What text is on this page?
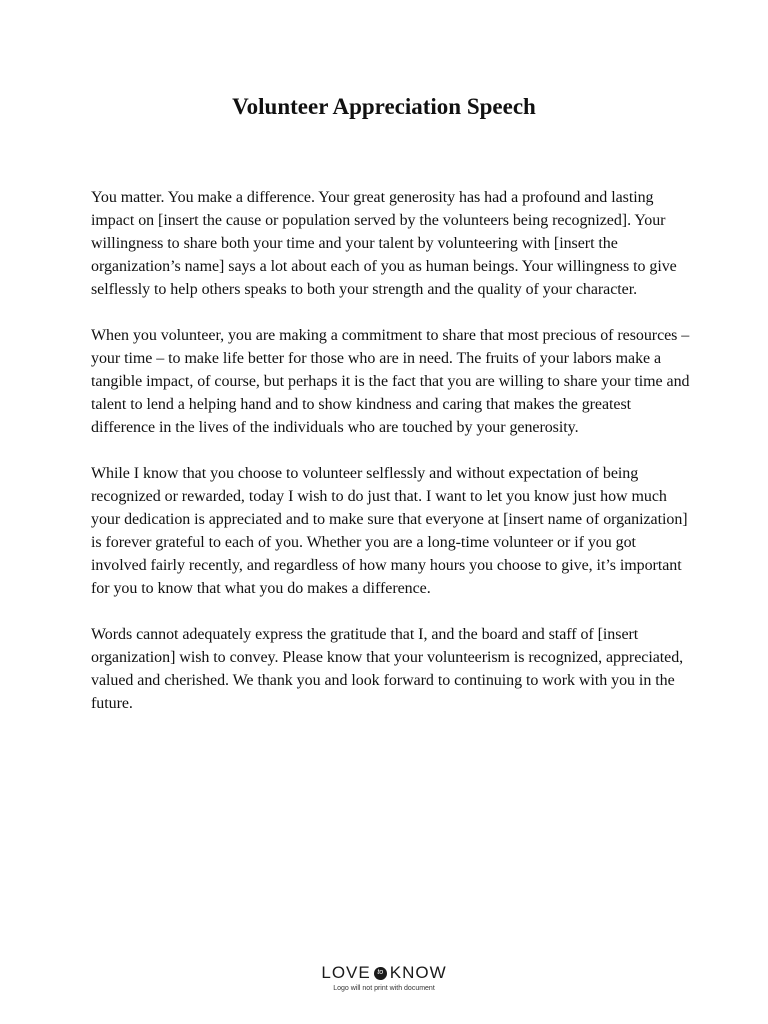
Volunteer Appreciation Speech

You matter. You make a difference. Your great generosity has had a profound and lasting impact on [insert the cause or population served by the volunteers being recognized]. Your willingness to share both your time and your talent by volunteering with [insert the organization’s name] says a lot about each of you as human beings. Your willingness to give selflessly to help others speaks to both your strength and the quality of your character.

When you volunteer, you are making a commitment to share that most precious of resources – your time – to make life better for those who are in need. The fruits of your labors make a tangible impact, of course, but perhaps it is the fact that you are willing to share your time and talent to lend a helping hand and to show kindness and caring that makes the greatest difference in the lives of the individuals who are touched by your generosity.

While I know that you choose to volunteer selflessly and without expectation of being recognized or rewarded, today I wish to do just that. I want to let you know just how much your dedication is appreciated and to make sure that everyone at [insert name of organization] is forever grateful to each of you. Whether you are a long-time volunteer or if you got involved fairly recently, and regardless of how many hours you choose to give, it’s important for you to know that what you do makes a difference.

Words cannot adequately express the gratitude that I, and the board and staff of [insert organization] wish to convey. Please know that your volunteerism is recognized, appreciated, valued and cherished. We thank you and look forward to continuing to work with you in the future.

LOVE to KNOW
Logo will not print with document
